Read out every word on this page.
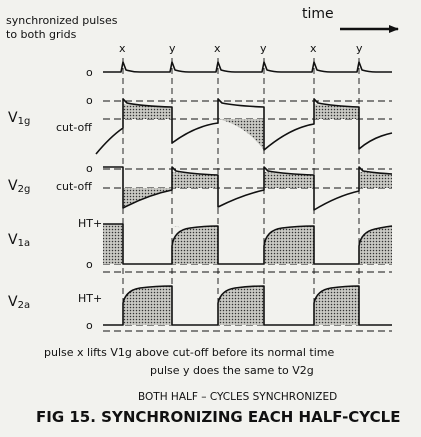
synchronized pulses
to both grids
time
x	y	x	y	x	y
o
V1g
o
cut-off
V2g
o
cut-off
V1a
HT+
o
V2a
HT+
o
pulse x lifts V1g above cut-off before its normal time
pulse y does the same to V2g
BOTH HALF – CYCLES SYNCHRONIZED
FIG 15. SYNCHRONIZING EACH HALF-CYCLE
